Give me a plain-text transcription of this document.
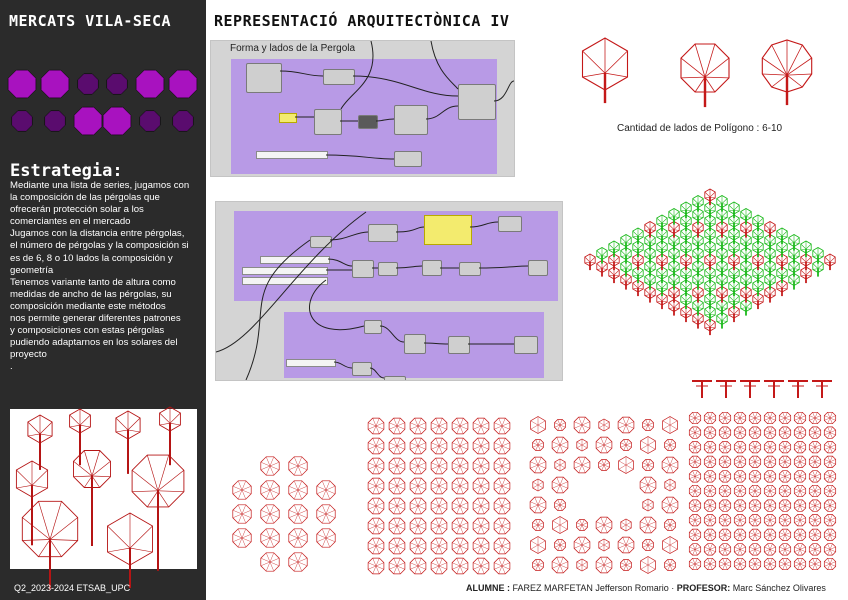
MERCATS VILA-SECA
Estrategia:

Mediante una lista de series, jugamos con

la composición de las pérgolas que

ofrecerán protección solar a los

comerciantes en el mercado

Jugamos con la distancia entre pérgolas,

el número de pérgolas y la composición si

es de 6, 8 o 10 lados la composición y

geometría

Tenemos variante tanto de altura como

medidas de ancho de las pérgolas, su

composición mediante este métodos

nos permite generar diferentes patrones

y composiciones con estas pérgolas

pudiendo adaptarnos en los solares del

proyecto

.

Q2_2023-2024 ETSAB_UPC
REPRESENTACIÓ ARQUITECTÒNICA IV
Forma y lados de la Pergola
Cantidad de lados de Polígono : 6-10
ALUMNE : FAREZ MARFETAN Jefferson Romario · PROFESOR: Marc Sánchez Olivares
